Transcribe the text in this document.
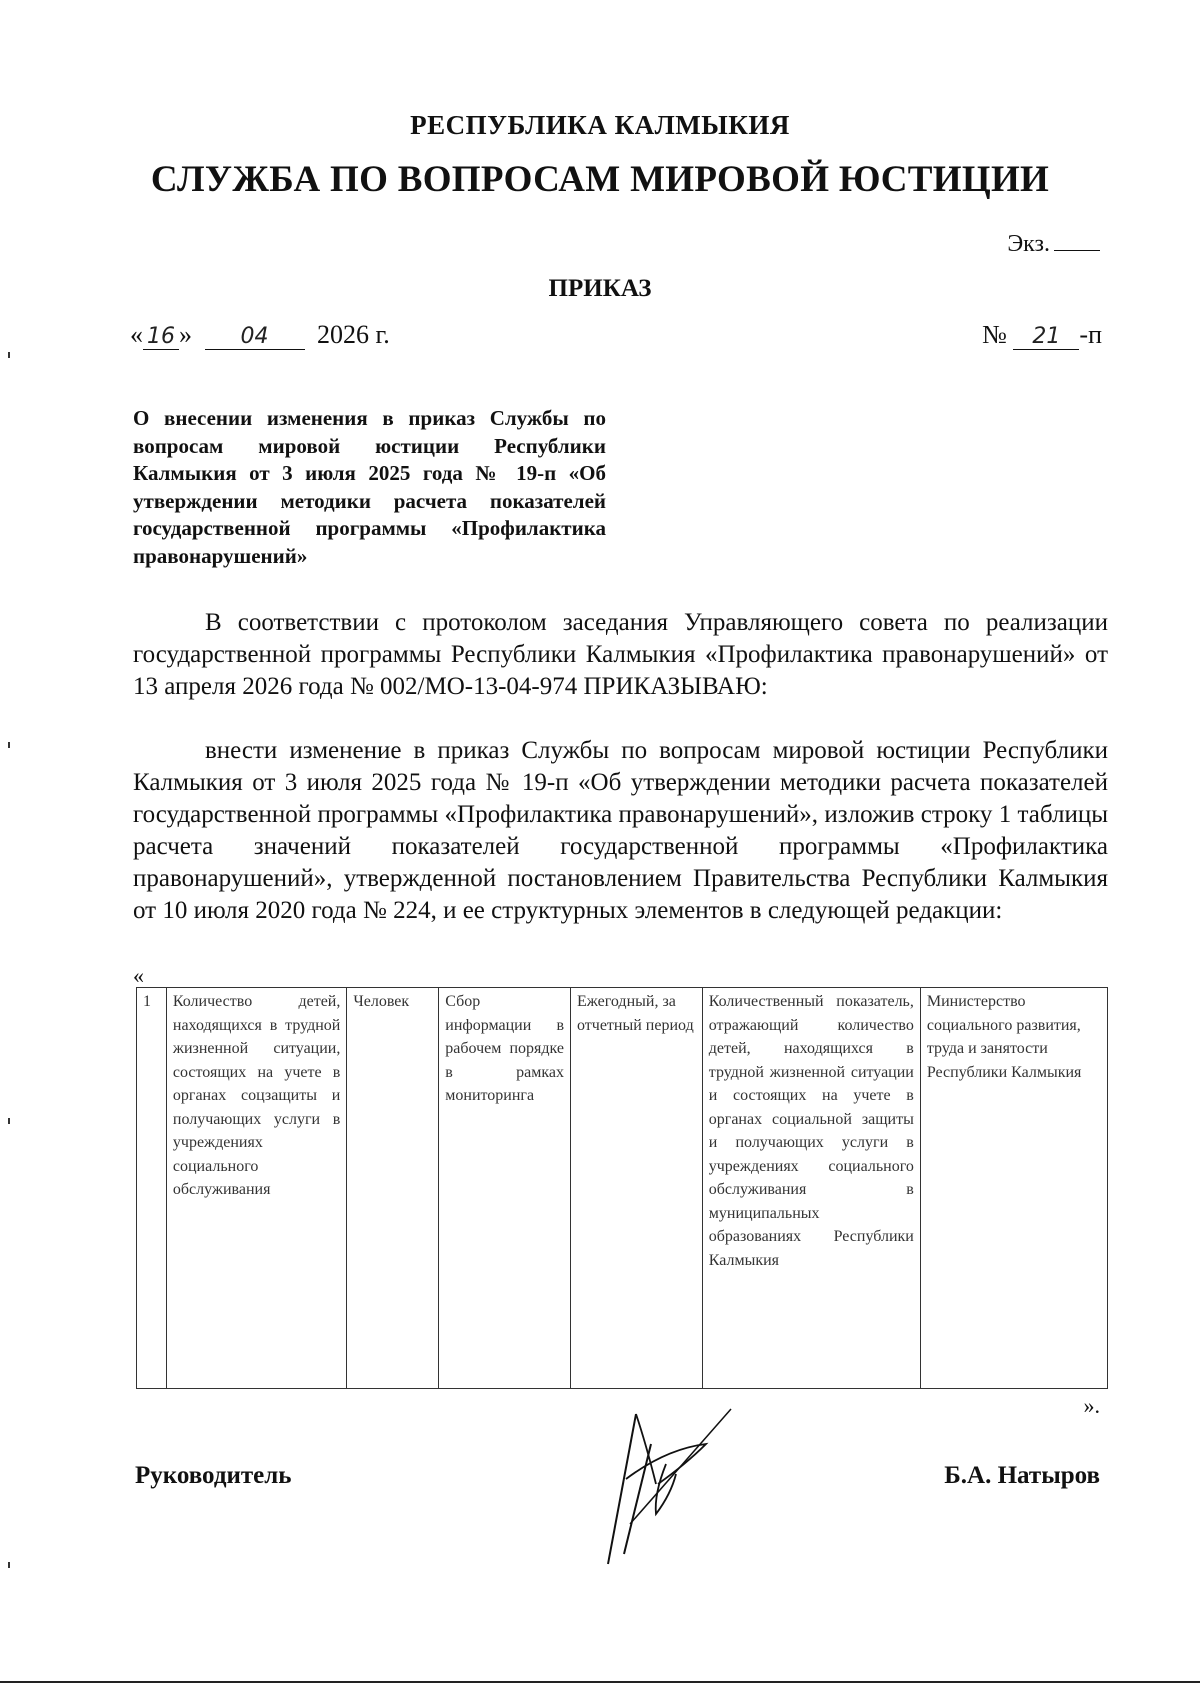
РЕСПУБЛИКА КАЛМЫКИЯ
СЛУЖБА ПО ВОПРОСАМ МИРОВОЙ ЮСТИЦИИ
Экз.
ПРИКАЗ
« 16 » 04 2026 г.	№ 21 -п
О внесении изменения в приказ Службы по вопросам мировой юстиции Республики Калмыкия от 3 июля 2025 года № 19-п «Об утверждении методики расчета показателей государственной программы «Профилактика правонарушений»
В соответствии с протоколом заседания Управляющего совета по реализации государственной программы Республики Калмыкия «Профилактика правонарушений» от 13 апреля 2026 года № 002/МО-13-04-974 ПРИКАЗЫВАЮ:
внести изменение в приказ Службы по вопросам мировой юстиции Республики Калмыкия от 3 июля 2025 года № 19-п «Об утверждении методики расчета показателей государственной программы «Профилактика правонарушений», изложив строку 1 таблицы расчета значений показателей государственной программы «Профилактика правонарушений», утвержденной постановлением Правительства Республики Калмыкия от 10 июля 2020 года № 224, и ее структурных элементов в следующей редакции:
«
1	Количество детей, находящихся в трудной жизненной ситуации, состоящих на учете в органах соцзащиты и получающих услуги в учреждениях социального обслуживания	Человек	Сбор информации в рабочем порядке в рамках мониторинга	Ежегодный, за отчетный период	Количественный показатель, отражающий количество детей, находящихся в трудной жизненной ситуации и состоящих на учете в органах социальной защиты и получающих услуги в учреждениях социального обслуживания в муниципальных образованиях Республики Калмыкия	Министерство социального развития, труда и занятости Республики Калмыкия
».
Руководитель	Б.А. Натыров
